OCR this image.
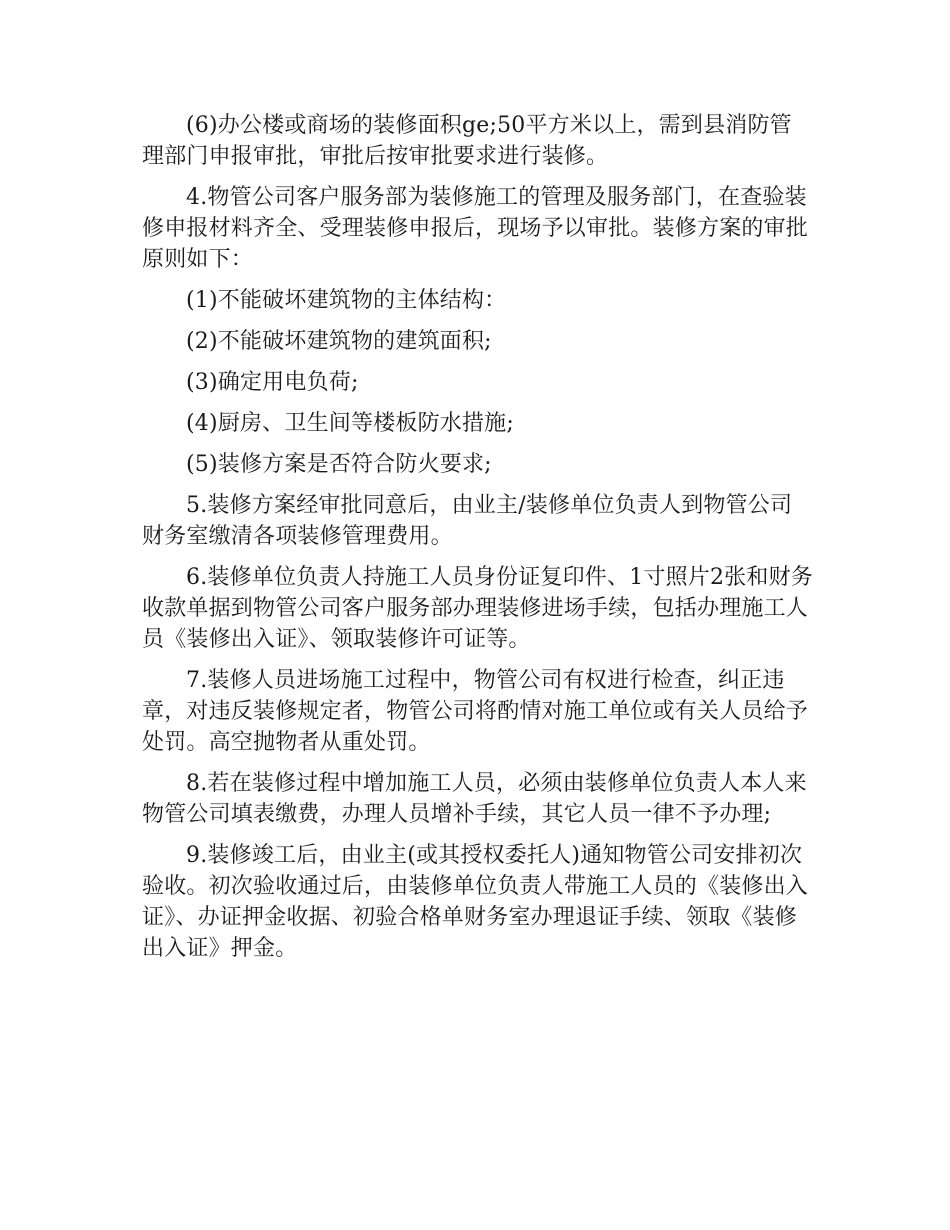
(6)办公楼或商场的装修面积ge;50平方米以上，需到县消防管理部门申报审批，审批后按审批要求进行装修。

4.物管公司客户服务部为装修施工的管理及服务部门，在查验装修申报材料齐全、受理装修申报后，现场予以审批。装修方案的审批原则如下：

(1)不能破坏建筑物的主体结构：

(2)不能破坏建筑物的建筑面积;

(3)确定用电负荷;

(4)厨房、卫生间等楼板防水措施;

(5)装修方案是否符合防火要求;

5.装修方案经审批同意后，由业主/装修单位负责人到物管公司财务室缴清各项装修管理费用。

6.装修单位负责人持施工人员身份证复印件、1寸照片2张和财务收款单据到物管公司客户服务部办理装修进场手续，包括办理施工人员《装修出入证》、领取装修许可证等。

7.装修人员进场施工过程中，物管公司有权进行检查，纠正违章，对违反装修规定者，物管公司将酌情对施工单位或有关人员给予处罚。高空抛物者从重处罚。

8.若在装修过程中增加施工人员，必须由装修单位负责人本人来物管公司填表缴费，办理人员增补手续，其它人员一律不予办理;

9.装修竣工后，由业主(或其授权委托人)通知物管公司安排初次验收。初次验收通过后，由装修单位负责人带施工人员的《装修出入证》、办证押金收据、初验合格单财务室办理退证手续、领取《装修出入证》押金。
